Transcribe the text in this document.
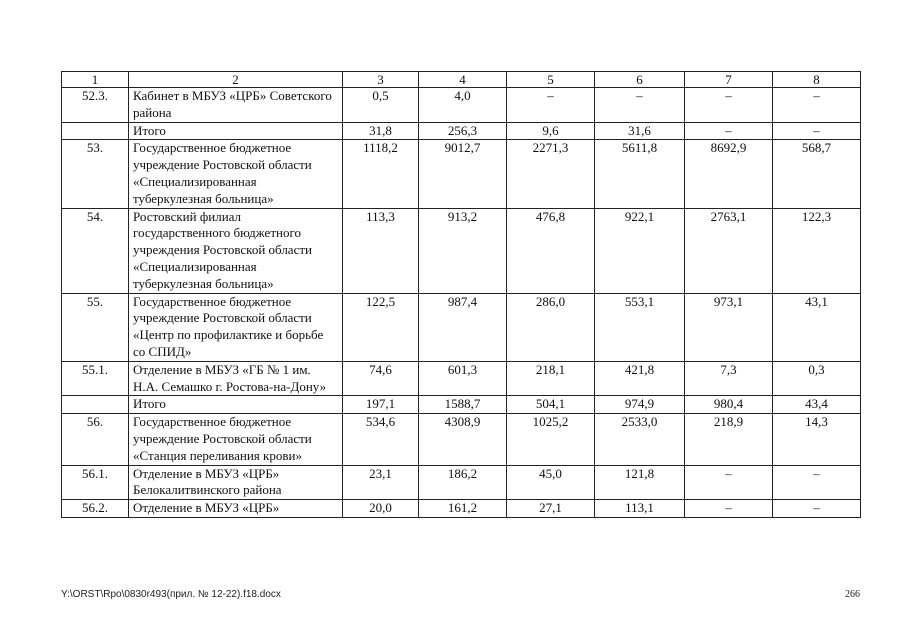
1	2	3	4	5	6	7	8
52.3.	Кабинет в МБУЗ «ЦРБ» Советского района	0,5	4,0	–	–	–	–
	Итого	31,8	256,3	9,6	31,6	–	–
53.	Государственное бюджетное учреждение Ростовской области «Специализированная туберкулезная больница»	1118,2	9012,7	2271,3	5611,8	8692,9	568,7
54.	Ростовский филиал государственного бюджетного учреждения Ростовской области «Специализированная туберкулезная больница»	113,3	913,2	476,8	922,1	2763,1	122,3
55.	Государственное бюджетное учреждение Ростовской области «Центр по профилактике и борьбе со СПИД»	122,5	987,4	286,0	553,1	973,1	43,1
55.1.	Отделение в МБУЗ «ГБ № 1 им. Н.А. Семашко г. Ростова-на-Дону»	74,6	601,3	218,1	421,8	7,3	0,3
	Итого	197,1	1588,7	504,1	974,9	980,4	43,4
56.	Государственное бюджетное учреждение Ростовской области «Станция переливания крови»	534,6	4308,9	1025,2	2533,0	218,9	14,3
56.1.	Отделение в МБУЗ «ЦРБ» Белокалитвинского района	23,1	186,2	45,0	121,8	–	–
56.2.	Отделение в МБУЗ «ЦРБ»	20,0	161,2	27,1	113,1	–	–
Y:\ORST\Rpo\0830r493(прил. № 12-22).f18.docx	266
